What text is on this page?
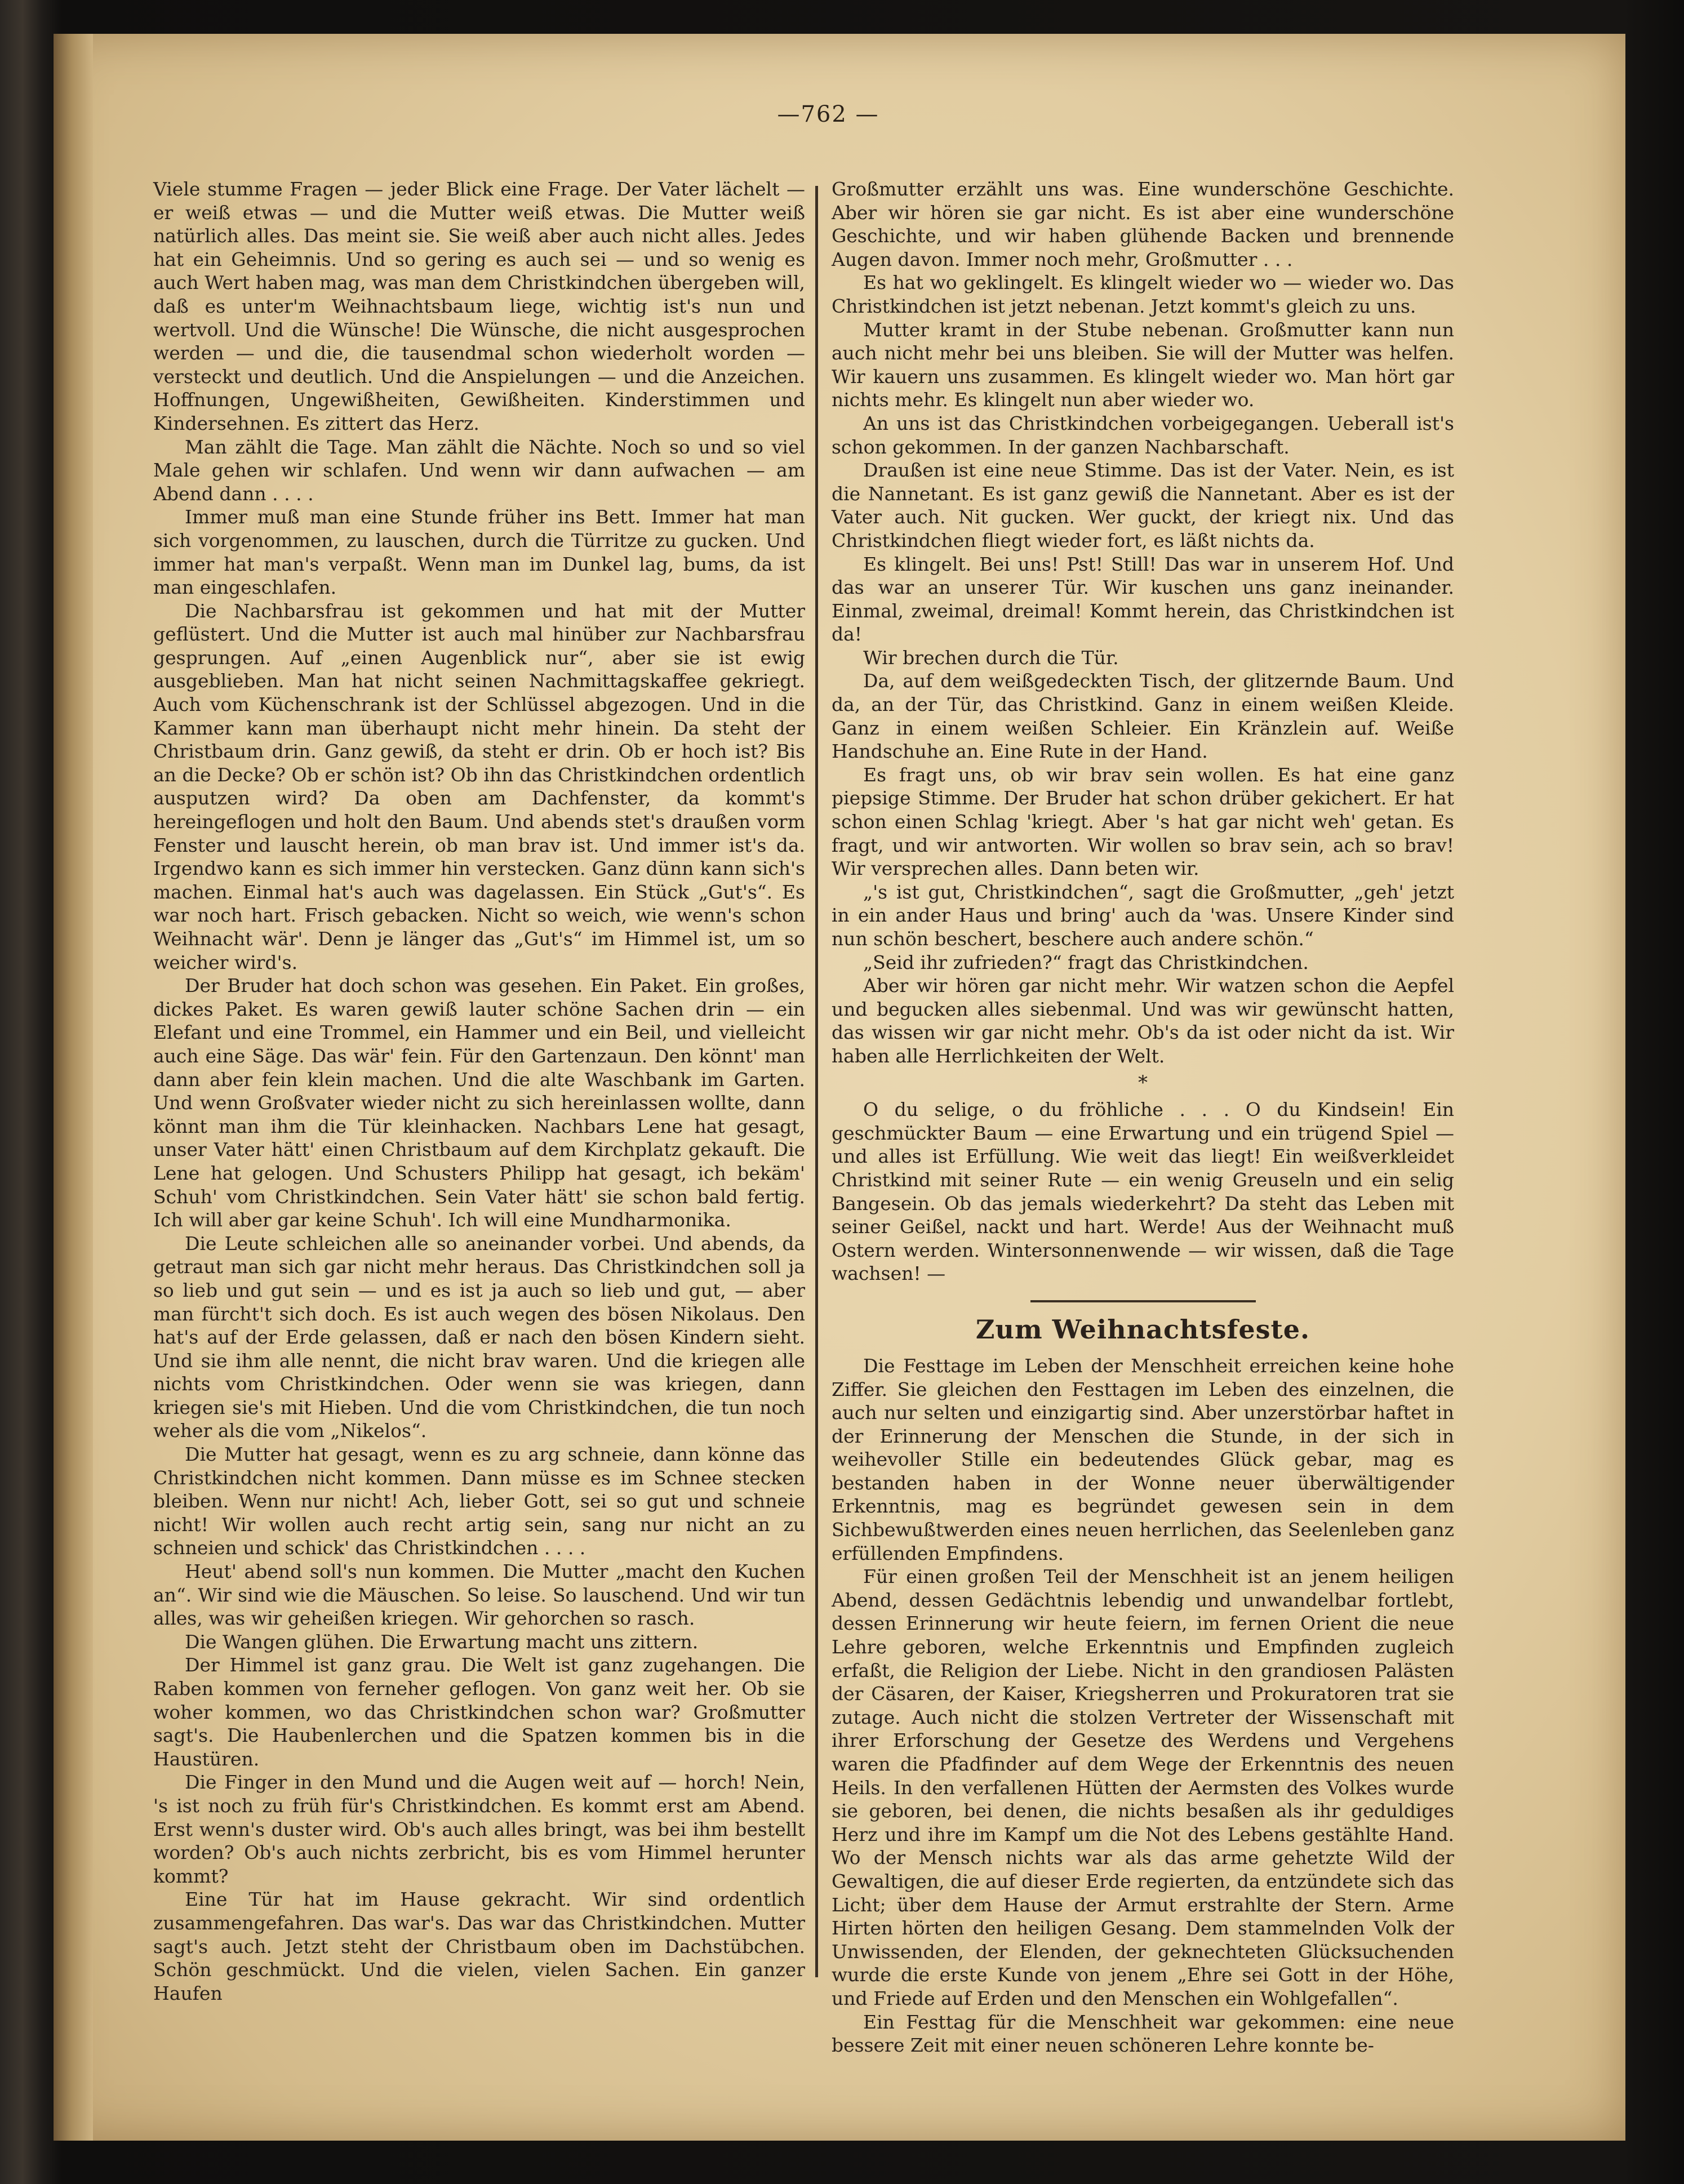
—762 —

Viele stumme Fragen — jeder Blick eine Frage. Der Vater lächelt — er weiß etwas — und die Mutter weiß etwas. Die Mutter weiß natürlich alles. Das meint sie. Sie weiß aber auch nicht alles. Jedes hat ein Geheimnis. Und so gering es auch sei — und so wenig es auch Wert haben mag, was man dem Christkindchen übergeben will, daß es unter'm Weihnachtsbaum liege, wichtig ist's nun und wertvoll. Und die Wünsche! Die Wünsche, die nicht ausgesprochen werden — und die, die tausendmal schon wiederholt worden — versteckt und deutlich. Und die Anspielungen — und die Anzeichen. Hoffnungen, Ungewißheiten, Gewißheiten. Kinderstimmen und Kindersehnen. Es zittert das Herz.

Man zählt die Tage. Man zählt die Nächte. Noch so und so viel Male gehen wir schlafen. Und wenn wir dann aufwachen — am Abend dann . . . .

Immer muß man eine Stunde früher ins Bett. Immer hat man sich vorgenommen, zu lauschen, durch die Türritze zu gucken. Und immer hat man's verpaßt. Wenn man im Dunkel lag, bums, da ist man eingeschlafen.

Die Nachbarsfrau ist gekommen und hat mit der Mutter geflüstert. Und die Mutter ist auch mal hinüber zur Nachbarsfrau gesprungen. Auf „einen Augenblick nur“, aber sie ist ewig ausgeblieben. Man hat nicht seinen Nachmittagskaffee gekriegt. Auch vom Küchenschrank ist der Schlüssel abgezogen. Und in die Kammer kann man überhaupt nicht mehr hinein. Da steht der Christbaum drin. Ganz gewiß, da steht er drin. Ob er hoch ist? Bis an die Decke? Ob er schön ist? Ob ihn das Christkindchen ordentlich ausputzen wird? Da oben am Dachfenster, da kommt's hereingeflogen und holt den Baum. Und abends stet's draußen vorm Fenster und lauscht herein, ob man brav ist. Und immer ist's da. Irgendwo kann es sich immer hin verstecken. Ganz dünn kann sich's machen. Einmal hat's auch was dagelassen. Ein Stück „Gut's“. Es war noch hart. Frisch gebacken. Nicht so weich, wie wenn's schon Weihnacht wär'. Denn je länger das „Gut's“ im Himmel ist, um so weicher wird's.

Der Bruder hat doch schon was gesehen. Ein Paket. Ein großes, dickes Paket. Es waren gewiß lauter schöne Sachen drin — ein Elefant und eine Trommel, ein Hammer und ein Beil, und vielleicht auch eine Säge. Das wär' fein. Für den Gartenzaun. Den könnt' man dann aber fein klein machen. Und die alte Waschbank im Garten. Und wenn Großvater wieder nicht zu sich hereinlassen wollte, dann könnt man ihm die Tür kleinhacken. Nachbars Lene hat gesagt, unser Vater hätt' einen Christbaum auf dem Kirchplatz gekauft. Die Lene hat gelogen. Und Schusters Philipp hat gesagt, ich bekäm' Schuh' vom Christkindchen. Sein Vater hätt' sie schon bald fertig. Ich will aber gar keine Schuh'. Ich will eine Mundharmonika.

Die Leute schleichen alle so aneinander vorbei. Und abends, da getraut man sich gar nicht mehr heraus. Das Christkindchen soll ja so lieb und gut sein — und es ist ja auch so lieb und gut, — aber man fürcht't sich doch. Es ist auch wegen des bösen Nikolaus. Den hat's auf der Erde gelassen, daß er nach den bösen Kindern sieht. Und sie ihm alle nennt, die nicht brav waren. Und die kriegen alle nichts vom Christkindchen. Oder wenn sie was kriegen, dann kriegen sie's mit Hieben. Und die vom Christkindchen, die tun noch weher als die vom „Nikelos“.

Die Mutter hat gesagt, wenn es zu arg schneie, dann könne das Christkindchen nicht kommen. Dann müsse es im Schnee stecken bleiben. Wenn nur nicht! Ach, lieber Gott, sei so gut und schneie nicht! Wir wollen auch recht artig sein, sang nur nicht an zu schneien und schick' das Christkindchen . . . .

Heut' abend soll's nun kommen. Die Mutter „macht den Kuchen an“. Wir sind wie die Mäuschen. So leise. So lauschend. Und wir tun alles, was wir geheißen kriegen. Wir gehorchen so rasch.

Die Wangen glühen. Die Erwartung macht uns zittern.

Der Himmel ist ganz grau. Die Welt ist ganz zugehangen. Die Raben kommen von ferneher geflogen. Von ganz weit her. Ob sie woher kommen, wo das Christkindchen schon war? Großmutter sagt's. Die Haubenlerchen und die Spatzen kommen bis in die Haustüren.

Die Finger in den Mund und die Augen weit auf — horch! Nein, 's ist noch zu früh für's Christkindchen. Es kommt erst am Abend. Erst wenn's duster wird. Ob's auch alles bringt, was bei ihm bestellt worden? Ob's auch nichts zerbricht, bis es vom Himmel herunter kommt?

Eine Tür hat im Hause gekracht. Wir sind ordentlich zusammengefahren. Das war's. Das war das Christkindchen. Mutter sagt's auch. Jetzt steht der Christbaum oben im Dachstübchen. Schön geschmückt. Und die vielen, vielen Sachen. Ein ganzer Haufen

Großmutter erzählt uns was. Eine wunderschöne Geschichte. Aber wir hören sie gar nicht. Es ist aber eine wunderschöne Geschichte, und wir haben glühende Backen und brennende Augen davon. Immer noch mehr, Großmutter . . .

Es hat wo geklingelt. Es klingelt wieder wo — wieder wo. Das Christkindchen ist jetzt nebenan. Jetzt kommt's gleich zu uns.

Mutter kramt in der Stube nebenan. Großmutter kann nun auch nicht mehr bei uns bleiben. Sie will der Mutter was helfen. Wir kauern uns zusammen. Es klingelt wieder wo. Man hört gar nichts mehr. Es klingelt nun aber wieder wo.

An uns ist das Christkindchen vorbeigegangen. Ueberall ist's schon gekommen. In der ganzen Nachbarschaft.

Draußen ist eine neue Stimme. Das ist der Vater. Nein, es ist die Nannetant. Es ist ganz gewiß die Nannetant. Aber es ist der Vater auch. Nit gucken. Wer guckt, der kriegt nix. Und das Christkindchen fliegt wieder fort, es läßt nichts da.

Es klingelt. Bei uns! Pst! Still! Das war in unserem Hof. Und das war an unserer Tür. Wir kuschen uns ganz ineinander. Einmal, zweimal, dreimal! Kommt herein, das Christkindchen ist da!

Wir brechen durch die Tür.

Da, auf dem weißgedeckten Tisch, der glitzernde Baum. Und da, an der Tür, das Christkind. Ganz in einem weißen Kleide. Ganz in einem weißen Schleier. Ein Kränzlein auf. Weiße Handschuhe an. Eine Rute in der Hand.

Es fragt uns, ob wir brav sein wollen. Es hat eine ganz piepsige Stimme. Der Bruder hat schon drüber gekichert. Er hat schon einen Schlag 'kriegt. Aber 's hat gar nicht weh' getan. Es fragt, und wir antworten. Wir wollen so brav sein, ach so brav! Wir versprechen alles. Dann beten wir.

„'s ist gut, Christkindchen“, sagt die Großmutter, „geh' jetzt in ein ander Haus und bring' auch da 'was. Unsere Kinder sind nun schön beschert, beschere auch andere schön.“

„Seid ihr zufrieden?“ fragt das Christkindchen.

Aber wir hören gar nicht mehr. Wir watzen schon die Aepfel und begucken alles siebenmal. Und was wir gewünscht hatten, das wissen wir gar nicht mehr. Ob's da ist oder nicht da ist. Wir haben alle Herrlichkeiten der Welt.

*

O du selige, o du fröhliche . . . O du Kindsein! Ein geschmückter Baum — eine Erwartung und ein trügend Spiel — und alles ist Erfüllung. Wie weit das liegt! Ein weißverkleidet Christkind mit seiner Rute — ein wenig Greuseln und ein selig Bangesein. Ob das jemals wiederkehrt? Da steht das Leben mit seiner Geißel, nackt und hart. Werde! Aus der Weihnacht muß Ostern werden. Wintersonnenwende — wir wissen, daß die Tage wachsen! —

Zum Weihnachtsfeste.

Die Festtage im Leben der Menschheit erreichen keine hohe Ziffer. Sie gleichen den Festtagen im Leben des einzelnen, die auch nur selten und einzigartig sind. Aber unzerstörbar haftet in der Erinnerung der Menschen die Stunde, in der sich in weihevoller Stille ein bedeutendes Glück gebar, mag es bestanden haben in der Wonne neuer überwältigender Erkenntnis, mag es begründet gewesen sein in dem Sichbewußtwerden eines neuen herrlichen, das Seelenleben ganz erfüllenden Empfindens.

Für einen großen Teil der Menschheit ist an jenem heiligen Abend, dessen Gedächtnis lebendig und unwandelbar fortlebt, dessen Erinnerung wir heute feiern, im fernen Orient die neue Lehre geboren, welche Erkenntnis und Empfinden zugleich erfaßt, die Religion der Liebe. Nicht in den grandiosen Palästen der Cäsaren, der Kaiser, Kriegsherren und Prokuratoren trat sie zutage. Auch nicht die stolzen Vertreter der Wissenschaft mit ihrer Erforschung der Gesetze des Werdens und Vergehens waren die Pfadfinder auf dem Wege der Erkenntnis des neuen Heils. In den verfallenen Hütten der Aermsten des Volkes wurde sie geboren, bei denen, die nichts besaßen als ihr geduldiges Herz und ihre im Kampf um die Not des Lebens gestählte Hand. Wo der Mensch nichts war als das arme gehetzte Wild der Gewaltigen, die auf dieser Erde regierten, da entzündete sich das Licht; über dem Hause der Armut erstrahlte der Stern. Arme Hirten hörten den heiligen Gesang. Dem stammelnden Volk der Unwissenden, der Elenden, der geknechteten Glücksuchenden wurde die erste Kunde von jenem „Ehre sei Gott in der Höhe, und Friede auf Erden und den Menschen ein Wohlgefallen“.

Ein Festtag für die Menschheit war gekommen: eine neue bessere Zeit mit einer neuen schöneren Lehre konnte be-
